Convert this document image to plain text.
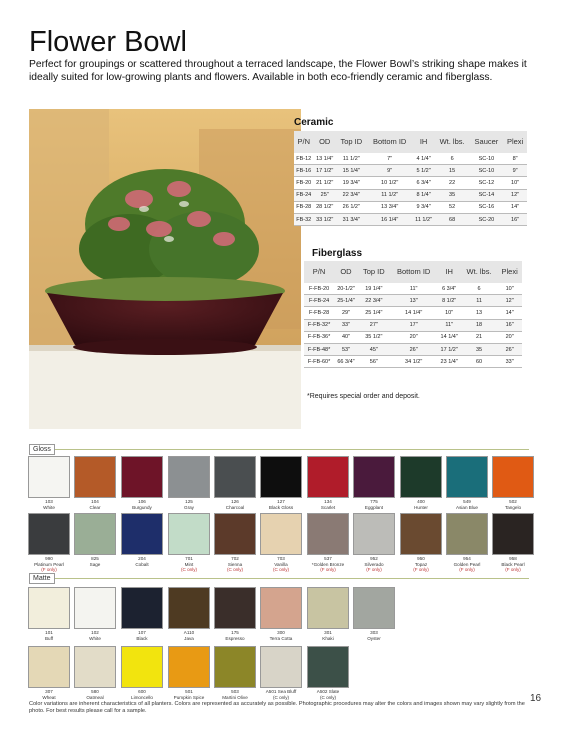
Flower Bowl
Perfect for groupings or scattered throughout a terraced landscape, the Flower Bowl’s striking shape makes it ideally suited for low-growing plants and flowers. Available in both eco-friendly ceramic and fiberglass.
Ceramic
P/N	OD	Top ID	Bottom ID	IH	Wt. lbs.	Saucer	Plexi
FB-12	13 1/4"	11 1/2"	7"	4 1/4"	6	SC-10	8"
FB-16	17 1/2"	15 1/4"	9"	5 1/2"	15	SC-10	9"
FB-20	21 1/2"	19 3/4"	10 1/2"	6 3/4"	22	SC-12	10"
FB-24	25"	22 3/4"	11 1/2"	8 1/4"	35	SC-14	12"
FB-28	28 1/2"	26 1/2"	13 3/4"	9 3/4"	52	SC-16	14"
FB-32	33 1/2"	31 3/4"	16 1/4"	11 1/2"	68	SC-20	16"
Fiberglass
P/N	OD	Top ID	Bottom ID	IH	Wt. lbs.	Plexi
F-FB-20	20-1/2"	19 1/4"	11"	6 3/4"	6	10"
F-FB-24	25-1/4"	22 3/4"	13"	8 1/2"	11	12"
F-FB-28	29"	25 1/4"	14 1/4"	10"	13	14"
F-FB-32*	33"	27"	17"	11"	18	16"
F-FB-36*	40"	35 1/2"	20"	14 1/4"	21	20"
F-FB-48*	53"	45"	26"	17 1/2"	35	26"
F-FB-60*	66 3/4"	56"	34 1/2"	23 1/4"	60	33"
*Requires special order and deposit.
Gloss
Matte
103
White
104
Clear
106
Burgundy
125
Gray
126
Charcoal
127
Black Gloss
134
Scarlet
775
Eggplant
400
Hunter
549
Asian Blue
502
Tangelo
990
Platinum Pearl
(F only)
825
Sage
204
Cobalt
701
Mint
(C only)
702
Sienna
(C only)
703
Vanilla
(C only)
537
*Golden Bronze
(F only)
952
Silverado
(F only)
950
Topaz
(F only)
954
Golden Pearl
(F only)
958
Black Pearl
(F only)
101
Buff
102
White
107
Black
A110
Java
175
Espresso
300
Terra Cotta
301
Khaki
303
Oyster
307
Wheat
580
Oatmeal
600
Limoncello
501
Pumpkin Spice
503
Martini Olive
A501 Sea Bluff
(C only)
A502 Slate
(C only)	16
Color variations are inherent characteristics of all planters. Colors are represented as accurately as possible. Photographic procedures may alter the colors and images shown may vary slightly from the photo. For best results please call for a sample.
